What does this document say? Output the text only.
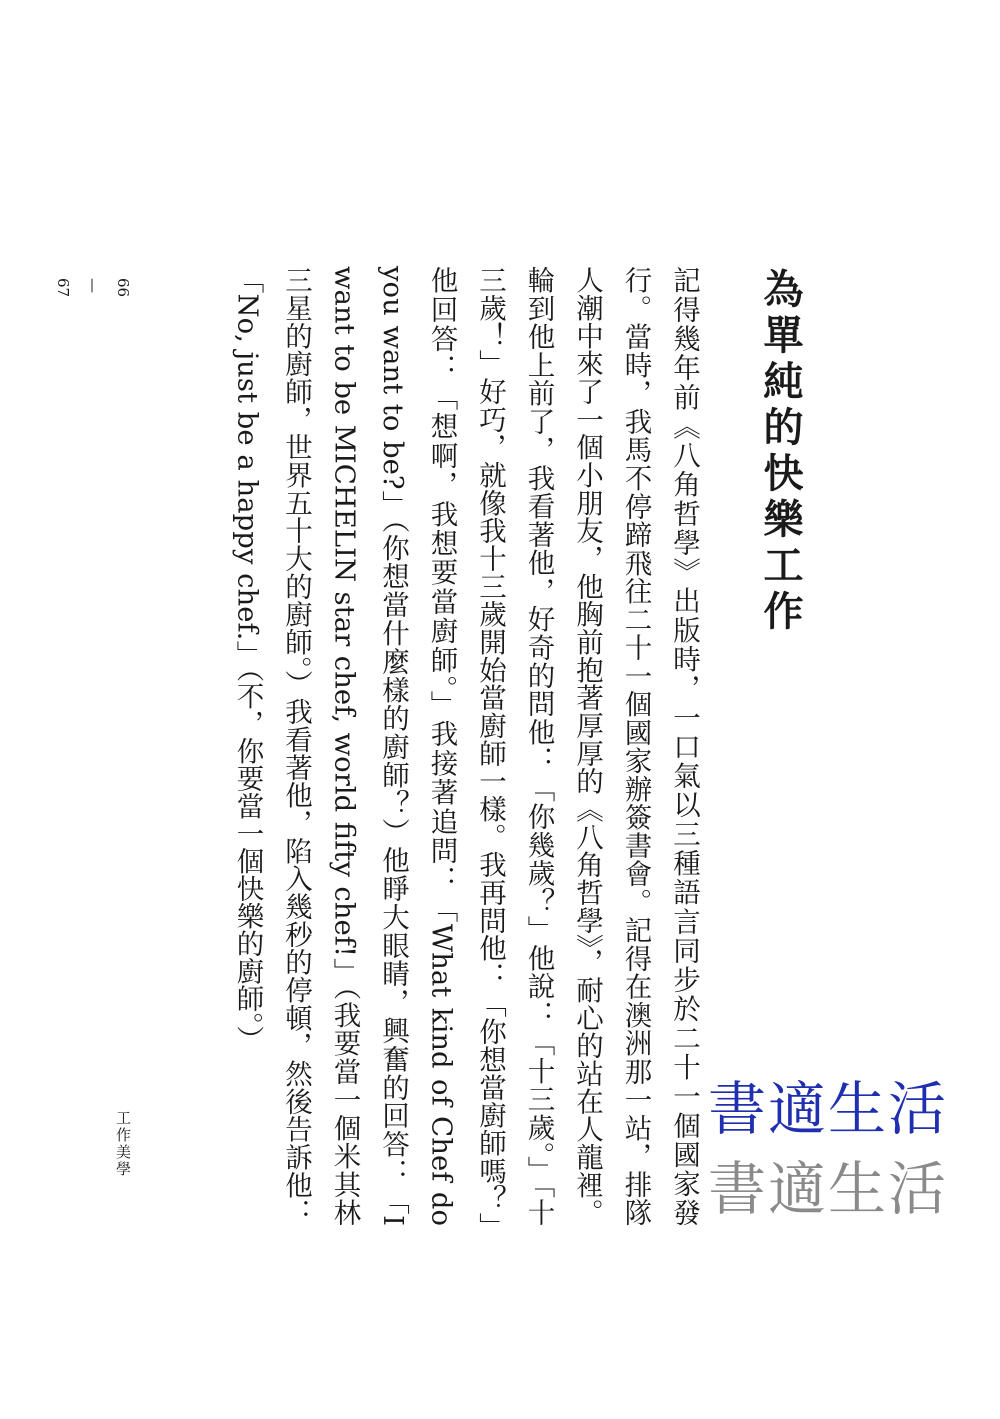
為單純的快樂工作

記得幾年前《八角哲學》出版時，一口氣以三種語言同步於二十一個國家發行。當時，我馬不停蹄飛往二十一個國家辦簽書會。記得在澳洲那一站，排隊人潮中來了一個小朋友，他胸前抱著厚厚的《八角哲學》，耐心的站在人龍裡。輪到他上前了，我看著他，好奇的問他：「你幾歲？」他說：「十三歲。」「十三歲！」好巧，就像我十三歲開始當廚師一樣。我再問他：「你想當廚師嗎？」他回答：「想啊，我想要當廚師。」我接著追問：「What kind of Chef do you want to be?」（你想當什麼樣的廚師？）他睜大眼睛，興奮的回答：「I want to be MICHELIN star chef, world fifty chef!」（我要當一個米其林三星的廚師，世界五十大的廚師。）我看著他，陷入幾秒的停頓，然後告訴他：「No, just be a happy chef.」（不，你要當一個快樂的廚師。）

66
—
67
工作美學
書適生活
書適生活
